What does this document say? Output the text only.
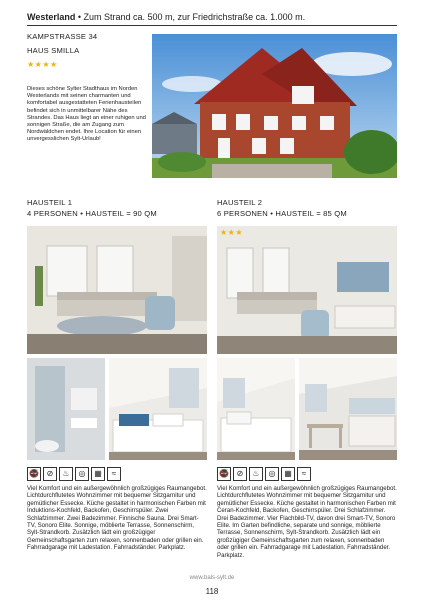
Westerland • Zum Strand ca. 500 m, zur Friedrichstraße ca. 1.000 m.
KAMPSTRASSE 34
HAUS SMILLA
★★★★
Dieses schöne Sylter Stadthaus im Norden Westerlands mit seinen charmanten und komfortabel ausgestatteten Ferienhausteilen befindet sich in unmittelbarer Nähe des Strandes. Das Haus liegt an einer ruhigen und sonnigen Straße, die am Zugang zum Nordwäldchen endet. Ihre Location für einen unvergesslichen Sylt-Urlaub!
HAUSTEIL 1
4 PERSONEN • HAUSTEIL = 90 QM
🚭 ⊘	♨	◎	▦	≈
Viel Komfort und ein außergewöhnlich großzügiges Raumangebot. Lichtdurchflutetes Wohnzimmer mit bequemer Sitzgarnitur und gemütlicher Essecke. Küche gestaltet in harmonischen Farben mit Induktions-Kochfeld, Backofen, Geschirrspüler. Zwei Schlafzimmer. Zwei Badezimmer. Finnische Sauna. Drei Smart-TV, Sonoro Elite. Sonnige, möblierte Terrasse, Sonnenschirm, Sylt-Strandkorb. Zusätzlich lädt ein großzügiger Gemeinschaftsgarten zum relaxen, sonnenbaden oder grillen ein. Fahrradgarage mit Ladestation. Fahrradständer. Parkplatz.
HAUSTEIL 2
6 PERSONEN • HAUSTEIL = 85 QM
★★★
🚭 ⊘	♨	◎	▦	≈
Viel Komfort und ein außergewöhnlich großzügiges Raumangebot. Lichtdurchflutetes Wohnzimmer mit bequemer Sitzgarnitur und gemütlicher Essecke. Küche gestaltet in harmonischen Farben mit Ceran-Kochfeld, Backofen, Geschirrspüler. Drei Schlafzimmer. Drei Badezimmer. Vier Flachbild-TV, davon drei Smart-TV, Sonoro Elite. Im Garten befindliche, separate und sonnige, möblierte Terrasse, Sonnenschirm, Sylt-Strandkorb. Zusätzlich lädt ein großzügiger Gemeinschaftsgarten zum relaxen, sonnenbaden oder grillen ein. Fahrradgarage mit Ladestation. Fahrradständer. Parkplatz.
www.bals-sylt.de
118
